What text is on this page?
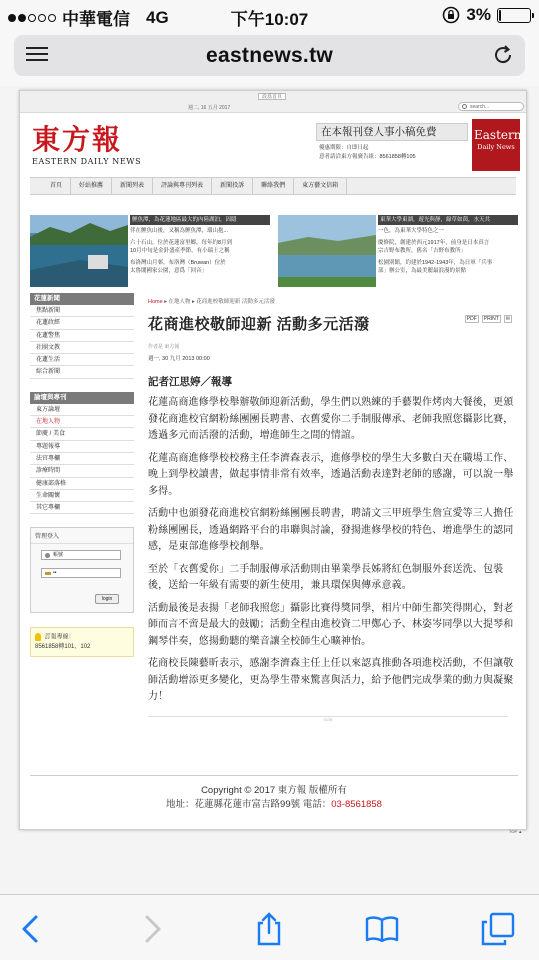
中華電信 4G	下午10:07	3%
eastnews.tw
設爲首頁
週二, 16 五月 2017	search...
東方報
EASTERN DAILY NEWS
在本報刊登人事小稿免費
優惠期限：自即日起
意者請洽東方報廣告組：8561858轉105
Eastern
Daily News
首頁	好站推薦	新聞列表	評論與專刊列表	新聞投訴	聯絡我們	東方藝文信箱
鯉魚潭，為花蓮地區最大的內陸湖泊，因隱
伴在鯉魚山後，又稱為鯉魚潭，環山抱...
六十石山，位於花蓮富里鄉，每年約8月到
10月中旬是金針盛產季節，有小瑞士之稱
布洛灣山月邨，布洛灣（Bruwan）位於
太魯閣國家公園，意爲「回音」
東華大學東湖，遊光與靜，綠草如茵，水天共
一色，為東華大學特色之一
慶修院，創建於西元1917年，前身是日本真言
宗吉野布教所，舊名「吉野布教所」
松園別館，約建於1942-1943年，為日軍「兵事
部」辦公室，為最美麗最浪漫的景點
花蓮新聞
焦點新聞
花蓮政經
花蓮警焦
社團文教
花蓮生活
綜合新聞
論壇與專刊
東方論壇
在地人物
節慶 / 美食
專題報導
法官專欄
診療時間
健康部落格
生命關懷
其它專欄
管理登入
帳號
••
login
訂報專線：
8561858轉101、102
Home ▸ 在地人物 ▸ 花商進校敬師迎新 活動多元活潑
花商進校敬師迎新 活動多元活潑	PDF	PRINT	✉
作者是 東方報
週一, 30 九月 2013 00:00
記者江思婷／報導

花蓮高商進修學校舉辦敬師迎新活動，學生們以熟練的手藝製作烤肉大餐後，更頒發花商進校官網粉絲團團長聘書、衣舊愛你二手制服傳承、老師我照您攝影比賽，透過多元而活潑的活動，增進師生之間的情誼。

花蓮高商進修學校校務主任李濟森表示，進修學校的學生大多數白天在職場工作、晚上到學校讀書，做起事情非常有效率，透過活動表達對老師的感謝，可以說一舉多得。

活動中也頒發花商進校官網粉絲團團長聘書，聘請文三甲班學生詹宣愛等三人擔任粉絲團團長，透過網路平台的串聯與討論，發揚進修學校的特色、增進學生的認同感，是東部進修學校創舉。

至於「衣舊愛你」二手制服傳承活動則由畢業學長姊將紅色制服外套送洗、包裝後，送給一年級有需要的新生使用，兼具環保與傳承意義。

活動最後是表揚「老師我照您」攝影比賽得獎同學，相片中師生都笑得開心，對老師而言不啻是最大的鼓勵；活動全程由進校資二甲鄭心予、林姿岑同學以大提琴和鋼琴伴奏，悠揚動聽的樂音讓全校師生心曠神怡。

花商校長陳藝昕表示，感謝李濟森主任上任以來認真推動各項進校活動，不但讓敬師活動增添更多變化，更為學生帶來驚喜與活力，給予他們完成學業的動力與凝聚力！

GOS
Copyright © 2017 東方報 版權所有
地址：花蓮縣花蓮市富吉路99號 電話：03-8561858
TOP ▲
